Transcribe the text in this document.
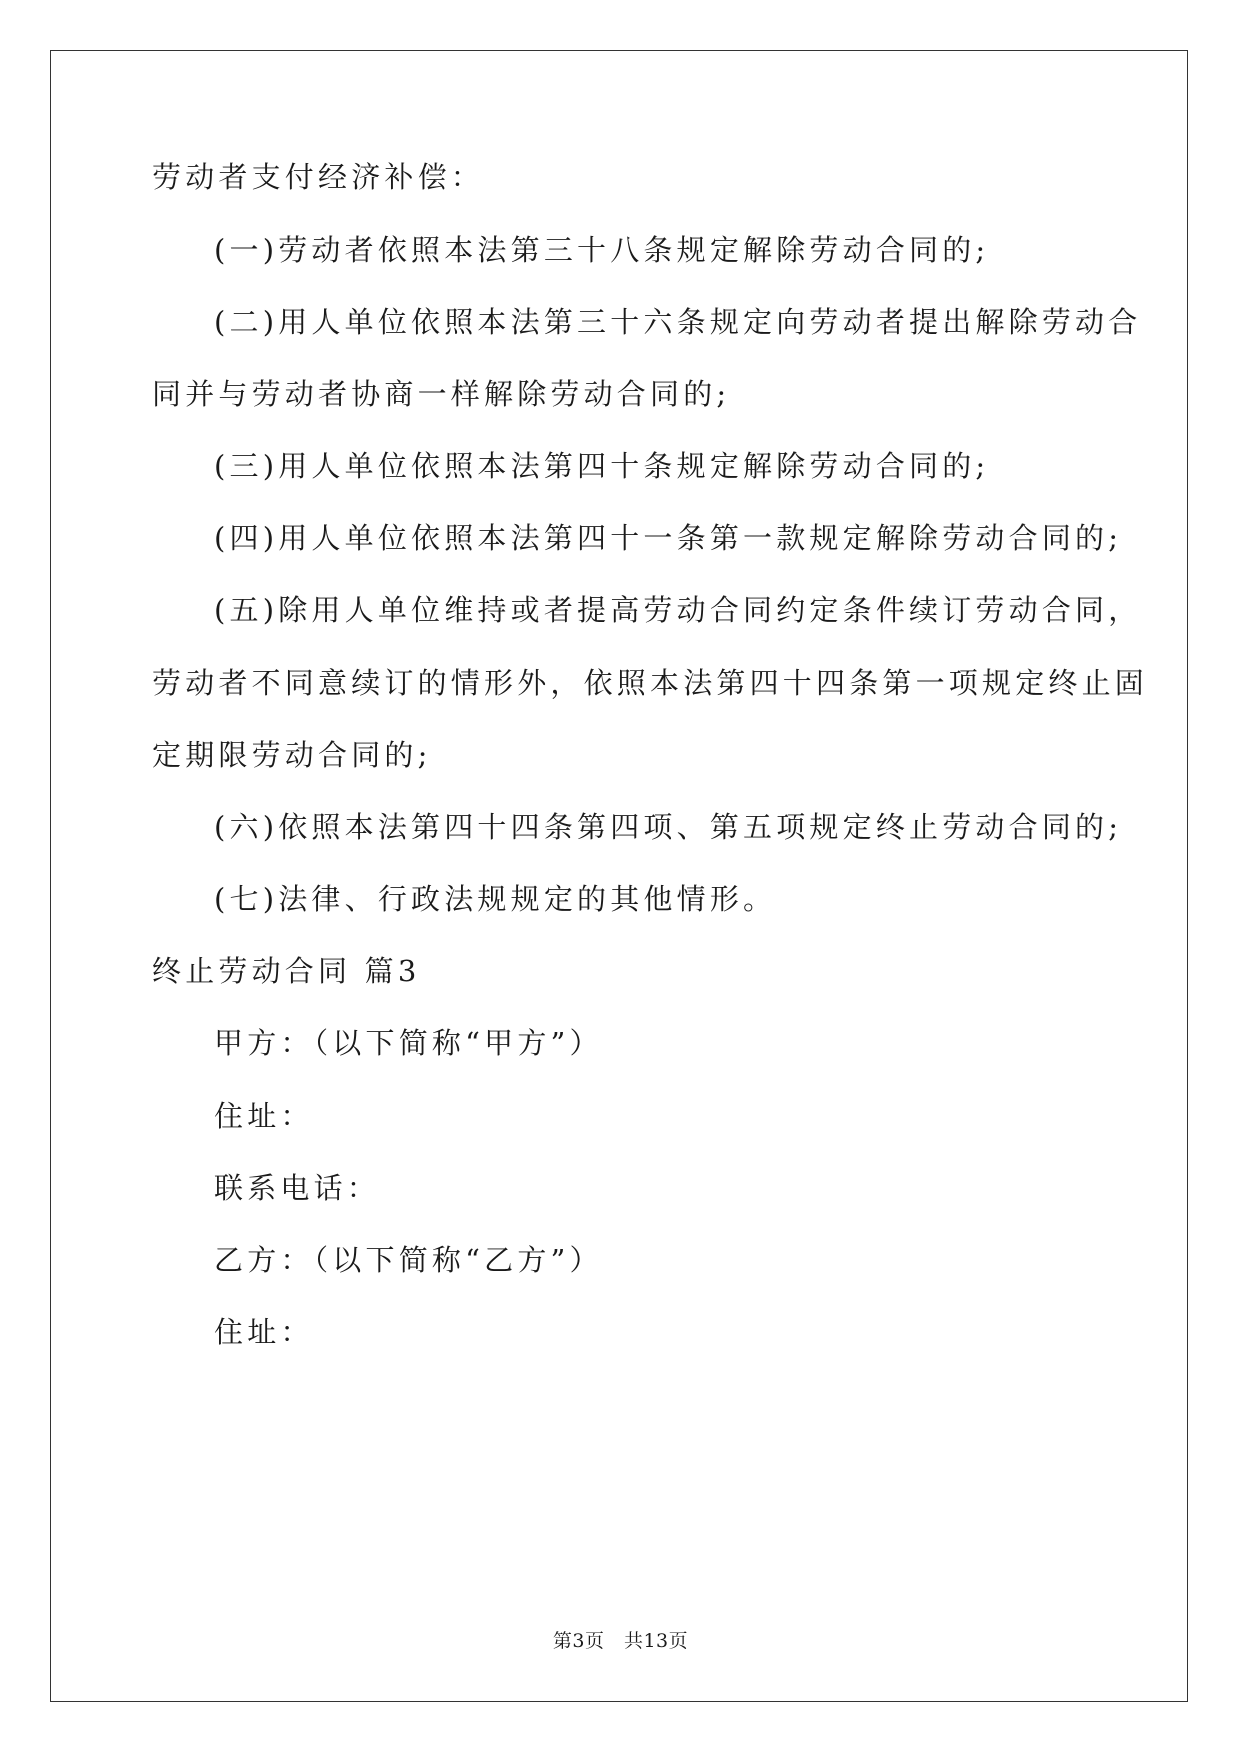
劳动者支付经济补偿：
(一)劳动者依照本法第三十八条规定解除劳动合同的;
(二)用人单位依照本法第三十六条规定向劳动者提出解除劳动合
同并与劳动者协商一样解除劳动合同的;
(三)用人单位依照本法第四十条规定解除劳动合同的;
(四)用人单位依照本法第四十一条第一款规定解除劳动合同的;
(五)除用人单位维持或者提高劳动合同约定条件续订劳动合同，
劳动者不同意续订的情形外，依照本法第四十四条第一项规定终止固
定期限劳动合同的;
(六)依照本法第四十四条第四项、第五项规定终止劳动合同的;
(七)法律、行政法规规定的其他情形。
终止劳动合同 篇3
甲方：（以下简称“甲方”）
住址：
联系电话：
乙方：（以下简称“乙方”）
住址：
第3页　共13页
